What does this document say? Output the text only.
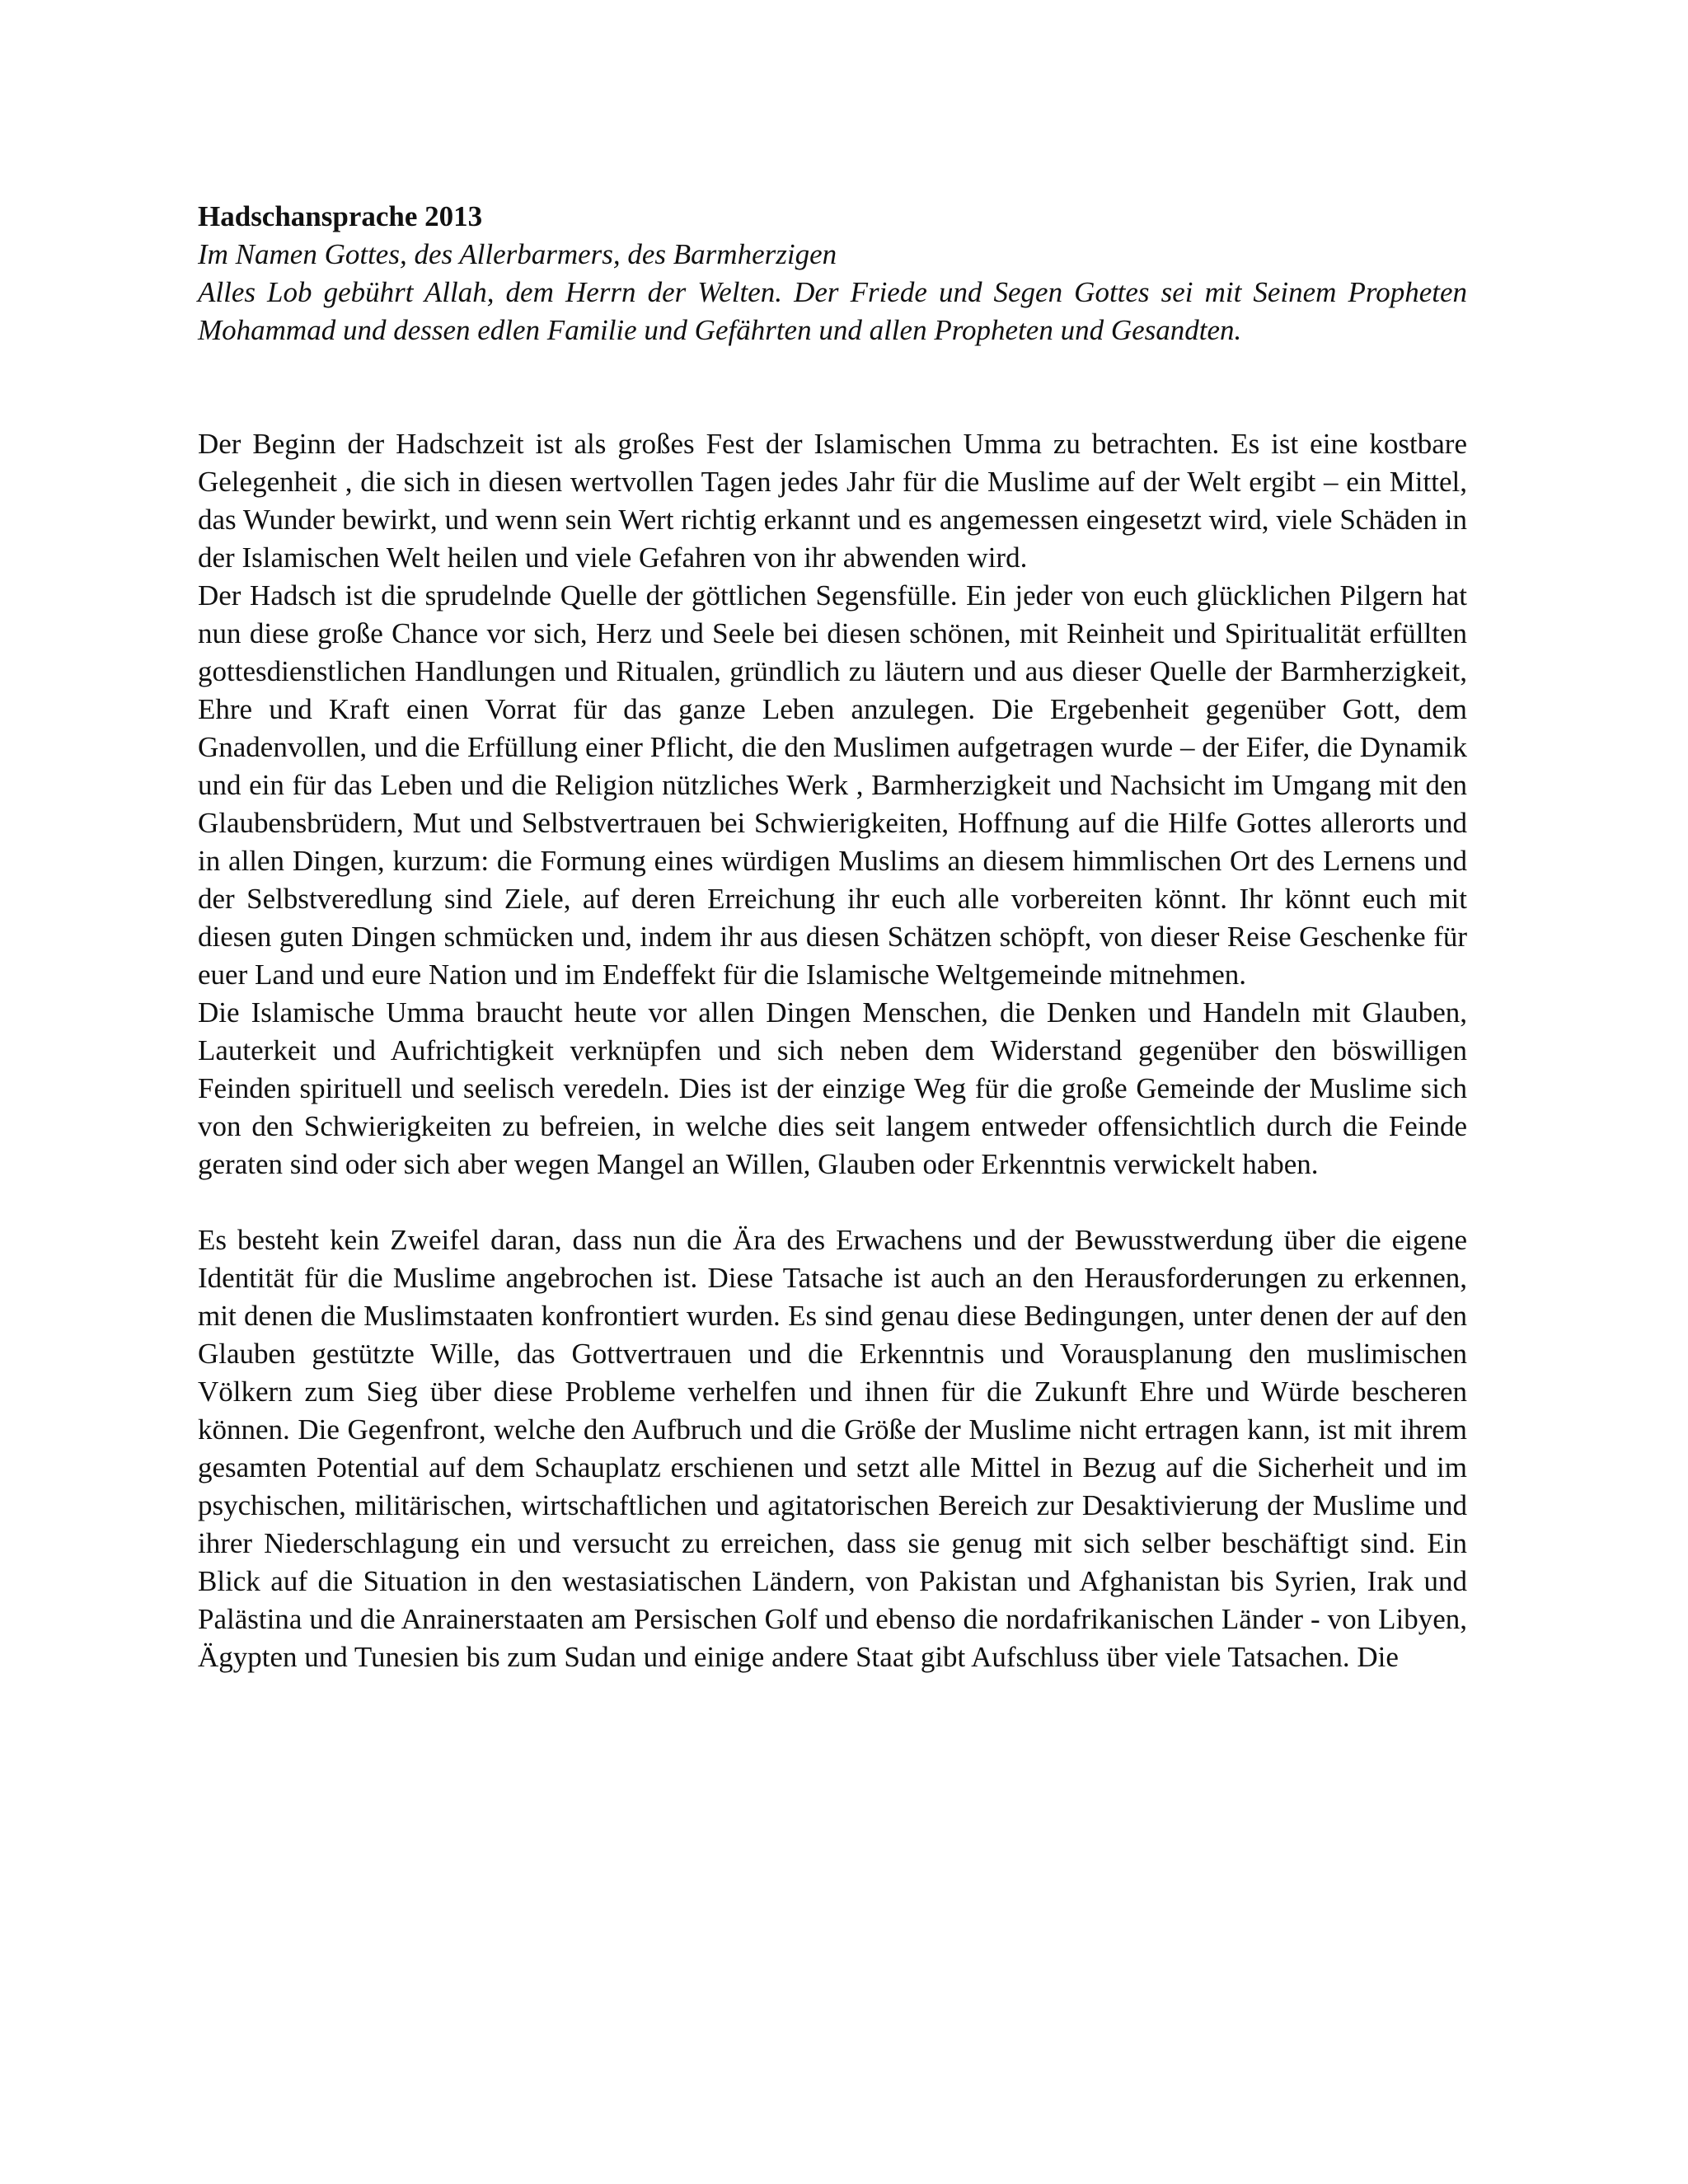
Hadschansprache 2013

Im Namen Gottes, des Allerbarmers, des Barmherzigen

Alles Lob gebührt Allah, dem Herrn der Welten. Der Friede und Segen Gottes sei mit Seinem Propheten Mohammad und dessen edlen Familie und Gefährten und allen Propheten und Gesandten.

Der Beginn der Hadschzeit ist als großes Fest der Islamischen Umma zu betrachten. Es ist eine kostbare Gelegenheit , die sich in diesen wertvollen Tagen jedes Jahr für die Muslime auf der Welt ergibt – ein Mittel, das Wunder bewirkt, und wenn sein Wert richtig erkannt und es angemessen eingesetzt wird, viele Schäden in der Islamischen Welt heilen und viele Gefahren von ihr abwenden wird.

Der Hadsch ist die sprudelnde Quelle der göttlichen Segensfülle. Ein jeder von euch glücklichen Pilgern hat nun diese große Chance vor sich, Herz und Seele bei diesen schönen, mit Reinheit und Spiritualität erfüllten gottesdienstlichen Handlungen und Ritualen, gründlich zu läutern und aus dieser Quelle der Barmherzigkeit, Ehre und Kraft einen Vorrat für das ganze Leben anzulegen. Die Ergebenheit gegenüber Gott, dem Gnadenvollen, und die Erfüllung einer Pflicht, die den Muslimen aufgetragen wurde – der Eifer, die Dynamik und ein für das Leben und die Religion nützliches Werk , Barmherzigkeit und Nachsicht im Umgang mit den Glaubensbrüdern, Mut und Selbstvertrauen bei Schwierigkeiten, Hoffnung auf die Hilfe Gottes allerorts und in allen Dingen, kurzum: die Formung eines würdigen Muslims an diesem himmlischen Ort des Lernens und der Selbstveredlung sind Ziele, auf deren Erreichung ihr euch alle vorbereiten könnt. Ihr könnt euch mit diesen guten Dingen schmücken und, indem ihr aus diesen Schätzen schöpft, von dieser Reise Geschenke für euer Land und eure Nation und im Endeffekt für die Islamische Weltgemeinde mitnehmen.

Die Islamische Umma braucht heute vor allen Dingen Menschen, die Denken und Handeln mit Glauben, Lauterkeit und Aufrichtigkeit verknüpfen und sich neben dem Widerstand gegenüber den böswilligen Feinden spirituell und seelisch veredeln. Dies ist der einzige Weg für die große Gemeinde der Muslime sich von den Schwierigkeiten zu befreien, in welche dies seit langem entweder offensichtlich durch die Feinde geraten sind oder sich aber wegen Mangel an Willen, Glauben oder Erkenntnis verwickelt haben.

Es besteht kein Zweifel daran, dass nun die Ära des Erwachens und der Bewusstwerdung über die eigene Identität für die Muslime angebrochen ist. Diese Tatsache ist auch an den Herausforderungen zu erkennen, mit denen die Muslimstaaten konfrontiert wurden. Es sind genau diese Bedingungen, unter denen der auf den Glauben gestützte Wille, das Gottvertrauen und die Erkenntnis und Vorausplanung den muslimischen Völkern zum Sieg über diese Probleme verhelfen und ihnen für die Zukunft Ehre und Würde bescheren können. Die Gegenfront, welche den Aufbruch und die Größe der Muslime nicht ertragen kann, ist mit ihrem gesamten Potential auf dem Schauplatz erschienen und setzt alle Mittel in Bezug auf die Sicherheit und im psychischen, militärischen, wirtschaftlichen und agitatorischen Bereich zur Desaktivierung der Muslime und ihrer Niederschlagung ein und versucht zu erreichen, dass sie genug mit sich selber beschäftigt sind. Ein Blick auf die Situation in den westasiatischen Ländern, von Pakistan und Afghanistan bis Syrien, Irak und Palästina und die Anrainerstaaten am Persischen Golf und ebenso die nordafrikanischen Länder - von Libyen, Ägypten und Tunesien bis zum Sudan und einige andere Staat gibt Aufschluss über viele Tatsachen. Die
